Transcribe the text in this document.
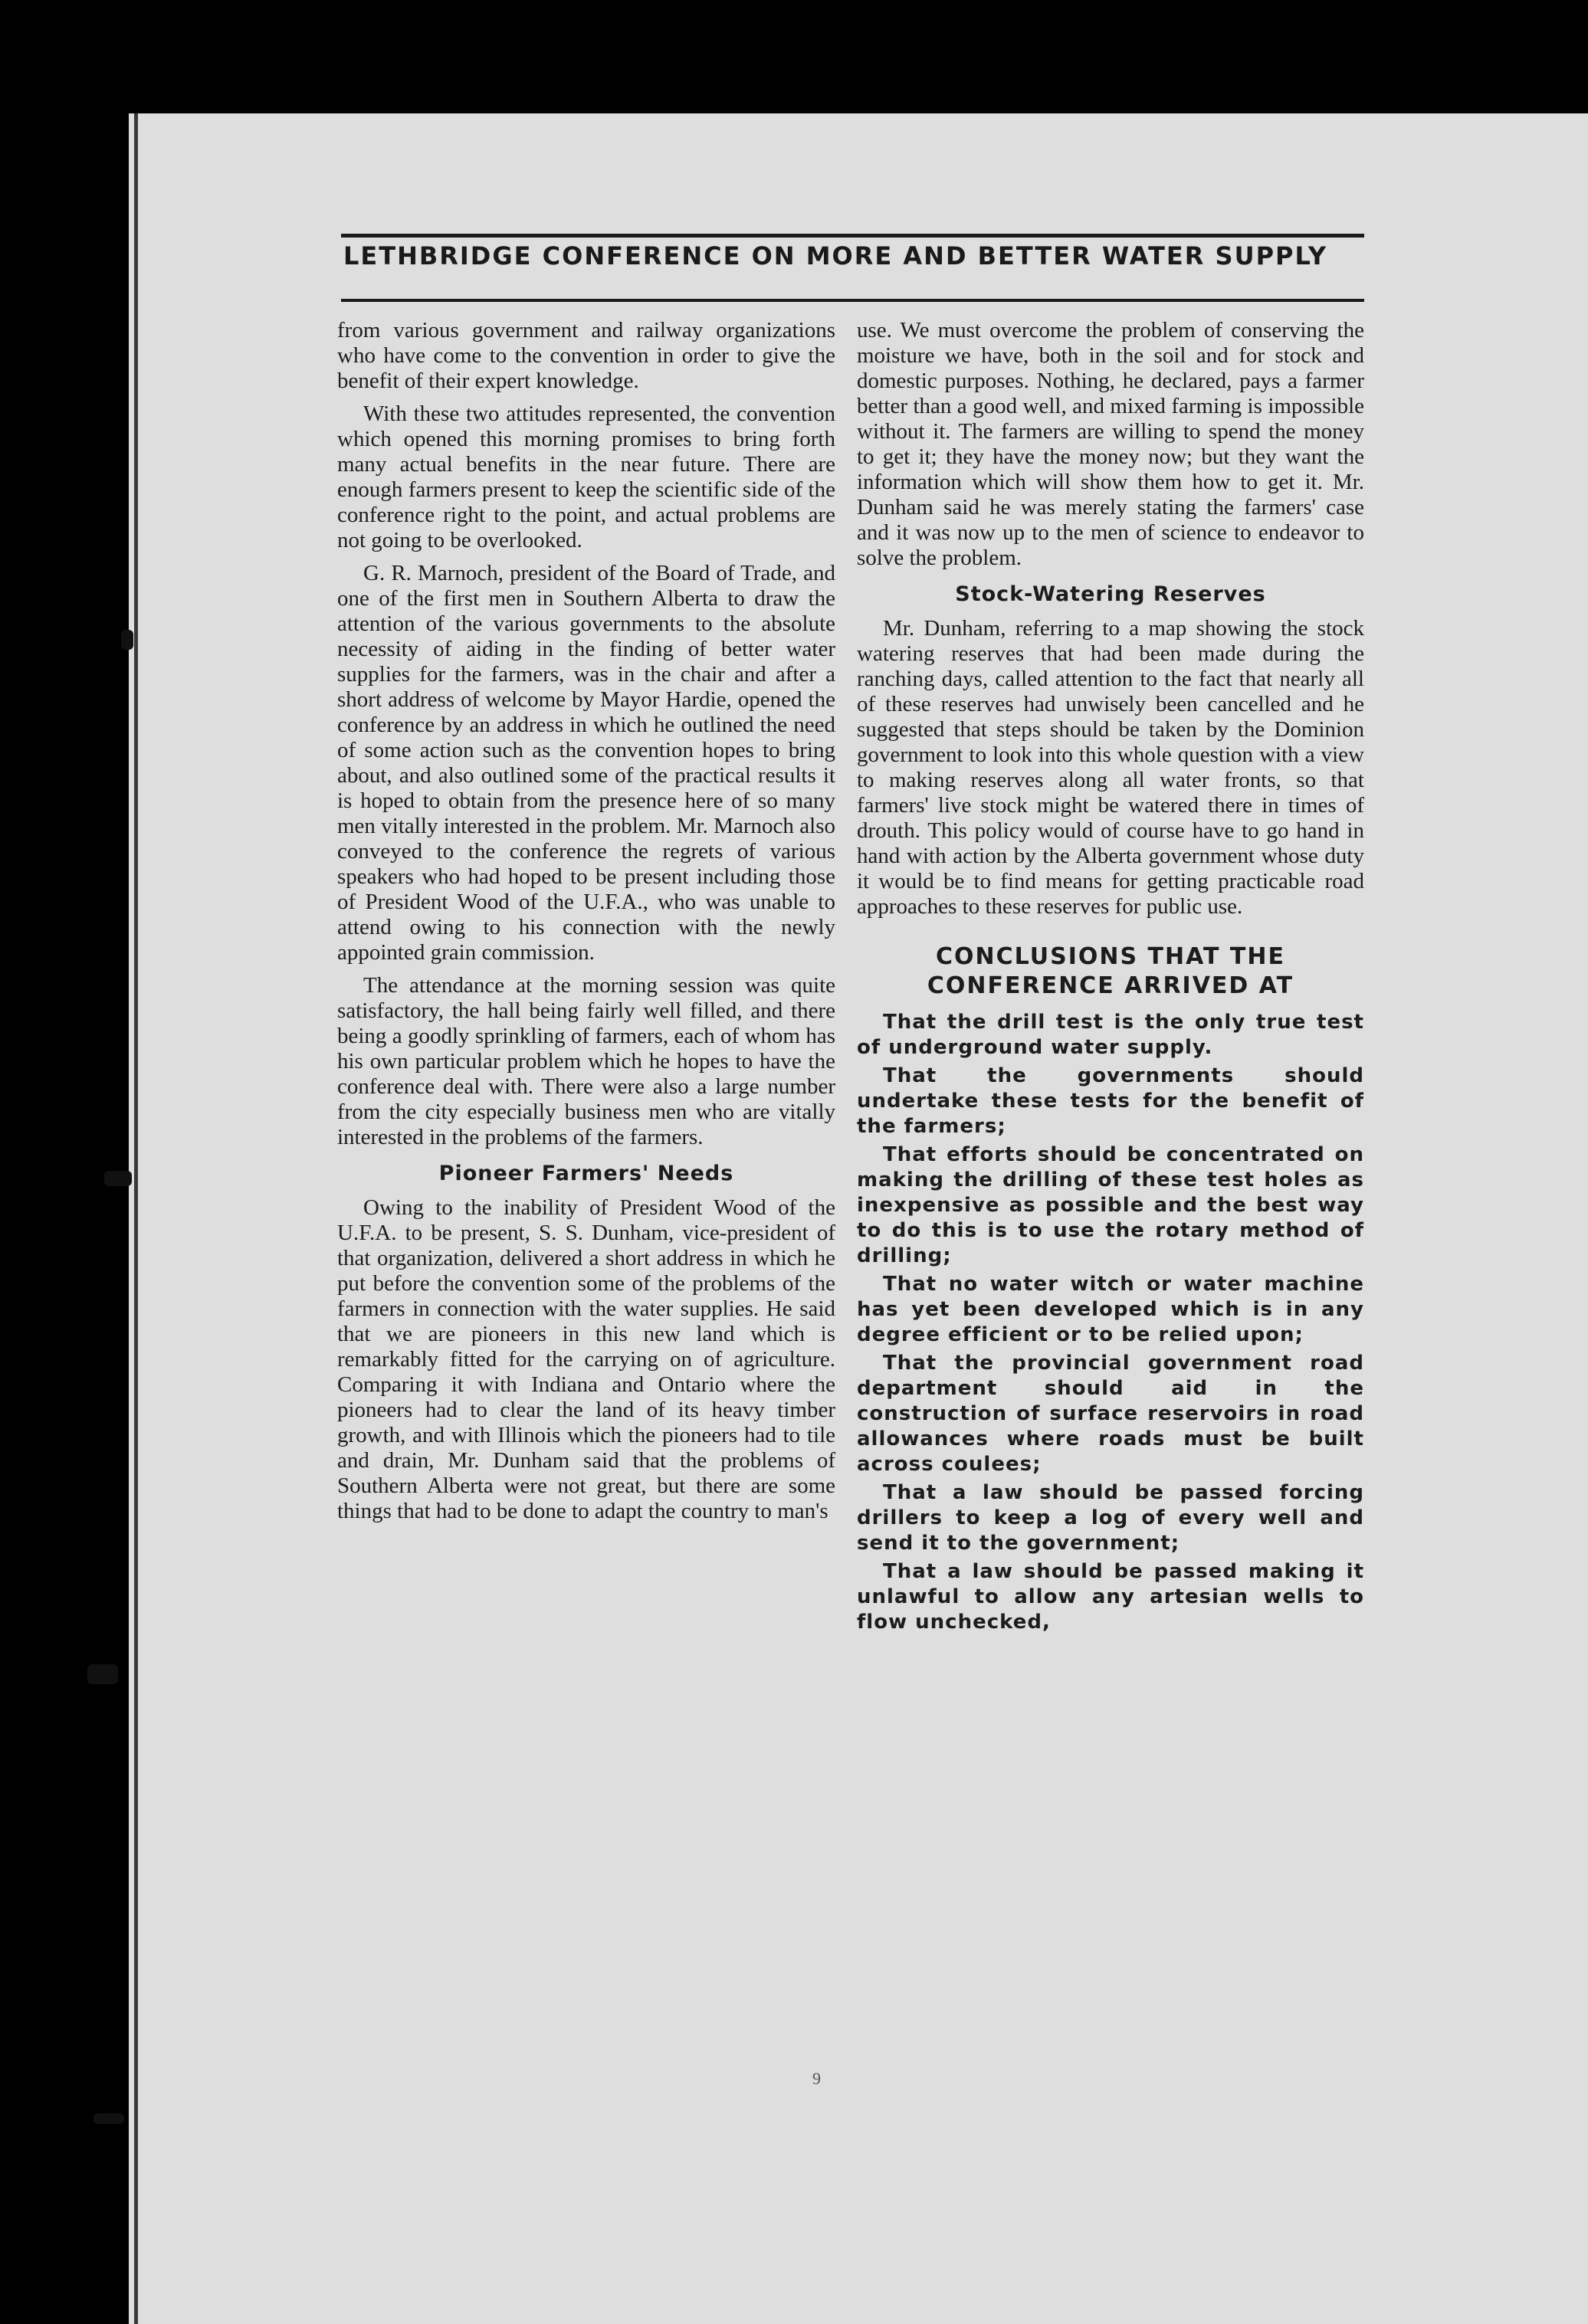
LETHBRIDGE CONFERENCE ON MORE AND BETTER WATER SUPPLY

from various government and railway organizations who have come to the convention in order to give the benefit of their expert knowledge.

With these two attitudes represented, the convention which opened this morning promises to bring forth many actual benefits in the near future. There are enough farmers present to keep the scientific side of the conference right to the point, and actual problems are not going to be overlooked.

G. R. Marnoch, president of the Board of Trade, and one of the first men in Southern Alberta to draw the attention of the various governments to the absolute necessity of aiding in the finding of better water supplies for the farmers, was in the chair and after a short address of welcome by Mayor Hardie, opened the conference by an address in which he outlined the need of some action such as the convention hopes to bring about, and also outlined some of the practical results it is hoped to obtain from the presence here of so many men vitally interested in the problem. Mr. Marnoch also conveyed to the conference the regrets of various speakers who had hoped to be present including those of President Wood of the U.F.A., who was unable to attend owing to his connection with the newly appointed grain commission.

The attendance at the morning session was quite satisfactory, the hall being fairly well filled, and there being a goodly sprinkling of farmers, each of whom has his own particular problem which he hopes to have the conference deal with. There were also a large number from the city especially business men who are vitally interested in the problems of the farmers.

Pioneer Farmers' Needs

Owing to the inability of President Wood of the U.F.A. to be present, S. S. Dunham, vice-president of that organization, delivered a short address in which he put before the convention some of the problems of the farmers in connection with the water supplies. He said that we are pioneers in this new land which is remarkably fitted for the carrying on of agriculture. Comparing it with Indiana and Ontario where the pioneers had to clear the land of its heavy timber growth, and with Illinois which the pioneers had to tile and drain, Mr. Dunham said that the problems of Southern Alberta were not great, but there are some things that had to be done to adapt the country to man's

use. We must overcome the problem of conserving the moisture we have, both in the soil and for stock and domestic purposes. Nothing, he declared, pays a farmer better than a good well, and mixed farming is impossible without it. The farmers are willing to spend the money to get it; they have the money now; but they want the information which will show them how to get it. Mr. Dunham said he was merely stating the farmers' case and it was now up to the men of science to endeavor to solve the problem.

Stock-Watering Reserves

Mr. Dunham, referring to a map showing the stock watering reserves that had been made during the ranching days, called attention to the fact that nearly all of these reserves had unwisely been cancelled and he suggested that steps should be taken by the Dominion government to look into this whole question with a view to making reserves along all water fronts, so that farmers' live stock might be watered there in times of drouth. This policy would of course have to go hand in hand with action by the Alberta government whose duty it would be to find means for getting practicable road approaches to these reserves for public use.

CONCLUSIONS THAT THE CONFERENCE ARRIVED AT

That the drill test is the only true test of underground water supply.

That the governments should undertake these tests for the benefit of the farmers;

That efforts should be concentrated on making the drilling of these test holes as inexpensive as possible and the best way to do this is to use the rotary method of drilling;

That no water witch or water machine has yet been developed which is in any degree efficient or to be relied upon;

That the provincial government road department should aid in the construction of surface reservoirs in road allowances where roads must be built across coulees;

That a law should be passed forcing drillers to keep a log of every well and send it to the government;

That a law should be passed making it unlawful to allow any artesian wells to flow unchecked,

9
